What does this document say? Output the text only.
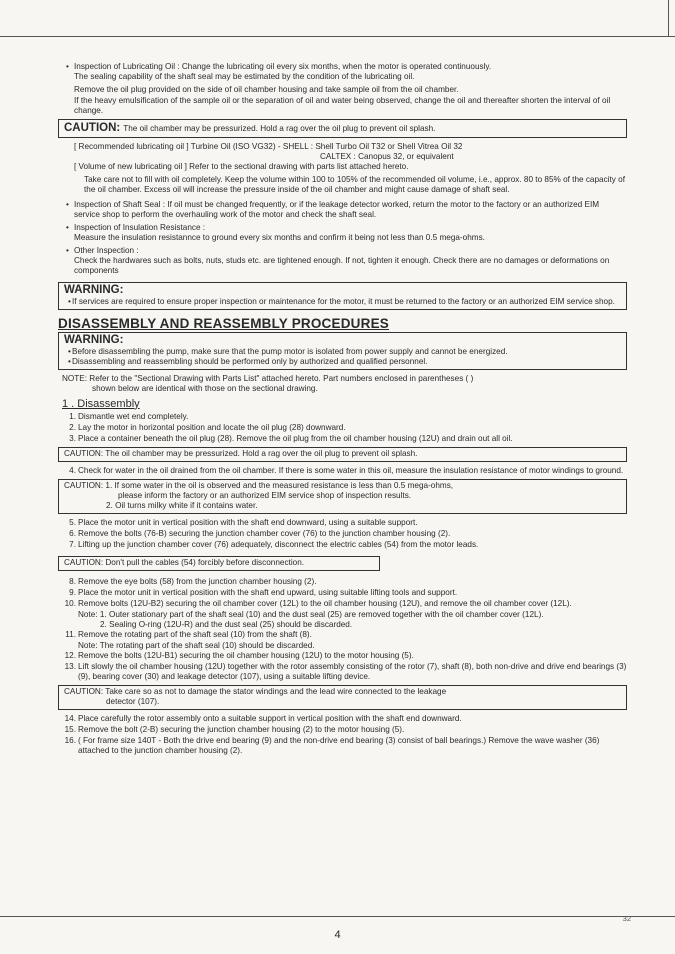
• Inspection of Lubricating Oil : Change the lubricating oil every six months, when the motor is operated continuously.

The sealing capability of the shaft seal may be estimated by the condition of the lubricating oil.

Remove the oil plug provided on the side of oil chamber housing and take sample oil from the oil chamber.

If the heavy emulsification of the sample oil or the separation of oil and water being observed, change the oil and thereafter shorten the interval of oil change.

CAUTION: The oil chamber may be pressurized. Hold a rag over the oil plug to prevent oil splash.

[ Recommended lubricating oil ] Turbine Oil (ISO VG32) - SHELL : Shell Turbo Oil T32 or Shell Vitrea Oil 32

CALTEX : Canopus 32, or equivalent

[ Volume of new lubricating oil ] Refer to the sectional drawing with parts list attached hereto.

Take care not to fill with oil completely. Keep the volume within 100 to 105% of the recommended oil volume, i.e., approx. 80 to 85% of the capacity of the oil chamber. Excess oil will increase the pressure inside of the oil chamber and might cause damage of shaft seal.

• Inspection of Shaft Seal : If oil must be changed frequently, or if the leakage detector worked, return the motor to the factory or an authorized EIM service shop to perform the overhauling work of the motor and check the shaft seal.

• Inspection of Insulation Resistance :

Measure the insulation resistannce to ground every six months and confirm it being not less than 0.5 mega-ohms.

• Other Inspection :

Check the hardwares such as bolts, nuts, studs etc. are tightened enough. If not, tighten it enough. Check there are no damages or deformations on components

WARNING:

• If services are required to ensure proper inspection or maintenance for the motor, it must be returned to the factory or an authorized EIM service shop.

DISASSEMBLY AND REASSEMBLY PROCEDURES
WARNING:

• Before disassembling the pump, make sure that the pump motor is isolated from power supply and cannot be energized.

• Disassembling and reassembling should be performed only by authorized and qualified personnel.

NOTE: Refer to the "Sectional Drawing with Parts List" attached hereto. Part numbers enclosed in parentheses ( )

shown below are identical with those on the sectional drawing.

1 . Disassembly
1. Dismantle wet end completely.
2. Lay the motor in horizontal position and locate the oil plug (28) downward.
3. Place a container beneath the oil plug (28). Remove the oil plug from the oil chamber housing (12U) and drain out all oil.
CAUTION: The oil chamber may be pressurized. Hold a rag over the oil plug to prevent oil splash.
4. Check for water in the oil drained from the oil chamber. If there is some water in this oil, measure the insulation resistance of motor windings to ground.

CAUTION: 1. If some water in the oil is observed and the measured resistance is less than 0.5 mega-ohms,

please inform the factory or an authorized EIM service shop of inspection results.

2. Oil turns milky white if it contains water.

5. Place the motor unit in vertical position with the shaft end downward, using a suitable support.
6. Remove the bolts (76-B) securing the junction chamber cover (76) to the junction chamber housing (2).
7. Lifting up the junction chamber cover (76) adequately, disconnect the electric cables (54) from the motor leads.
CAUTION: Don't pull the cables (54) forcibly before disconnection.
8. Remove the eye bolts (58) from the junction chamber housing (2).
9. Place the motor unit in vertical position with the shaft end upward, using suitable lifting tools and support.
10. Remove bolts (12U-B2) securing the oil chamber cover (12L) to the oil chamber housing (12U), and remove the oil chamber cover (12L).

Note: 1. Outer stationary part of the shaft seal (10) and the dust seal (25) are removed together with the oil chamber cover (12L).

2. Sealing O-ring (12U-R) and the dust seal (25) should be discarded.

11. Remove the rotating part of the shaft seal (10) from the shaft (8).

Note: The rotating part of the shaft seal (10) should be discarded.

12. Remove the bolts (12U-B1) securing the oil chamber housing (12U) to the motor housing (5).
13. Lift slowly the oil chamber housing (12U) together with the rotor assembly consisting of the rotor (7), shaft (8), both non-drive and drive end bearings (3) (9), bearing cover (30) and leakage detector (107), using a suitable lifting device.

CAUTION: Take care so as not to damage the stator windings and the lead wire connected to the leakage

detector (107).

14. Place carefully the rotor assembly onto a suitable support in vertical position with the shaft end downward.
15. Remove the bolt (2-B) securing the junction chamber housing (2) to the motor housing (5).
16. ( For frame size 140T - Both the drive end bearing (9) and the non-drive end bearing (3) consist of ball bearings.) Remove the wave washer (36) attached to the junction chamber housing (2).
32
4
